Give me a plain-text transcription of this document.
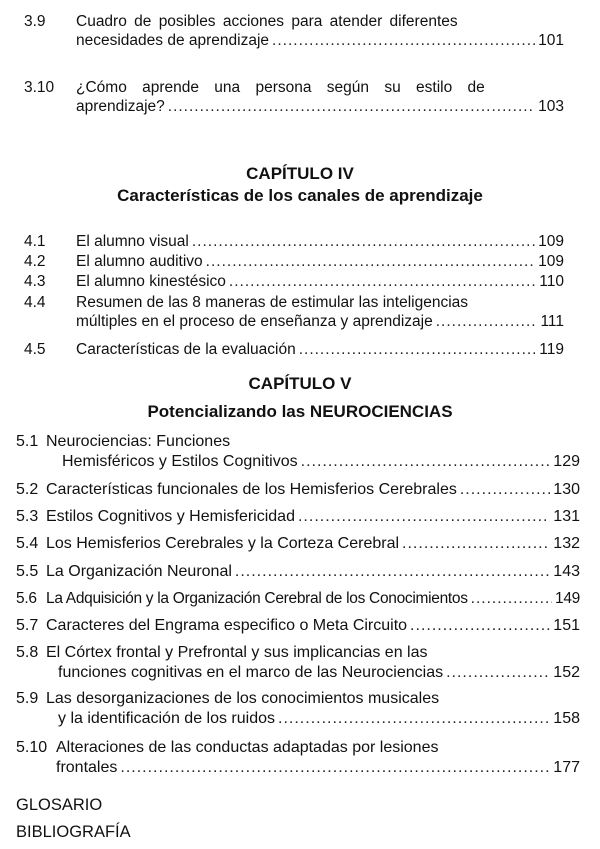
3.9 Cuadro de posibles acciones para atender diferentes
necesidades de aprendizaje .....	101
3.10 ¿Cómo aprende una persona según su estilo de
aprendizaje? .....	103
CAPÍTULO IV
Características de los canales de aprendizaje
4.1 El alumno visual .....	109
4.2 El alumno auditivo .....	109
4.3 El alumno kinestésico .....	110
4.4 Resumen de las 8 maneras de estimular las inteligencias
múltiples en el proceso de enseñanza y aprendizaje .....	111
4.5 Características de la evaluación .....	119
CAPÍTULO V
Potencializando las NEUROCIENCIAS
5.1 Neurociencias: Funciones
Hemisféricos y Estilos Cognitivos .....	129
5.2 Características funcionales de los Hemisferios Cerebrales .....	130
5.3 Estilos Cognitivos y Hemisfericidad .....	131
5.4 Los Hemisferios Cerebrales y la Corteza Cerebral .....	132
5.5 La Organización Neuronal .....	143
5.6 La Adquisición y la Organización Cerebral de los Conocimientos .....	149
5.7 Caracteres del Engrama especifico o Meta Circuito .....	151
5.8 El Córtex frontal y Prefrontal y sus implicancias en las
funciones cognitivas en el marco de las Neurociencias .....	152
5.9 Las desorganizaciones de los conocimientos musicales
y la identificación de los ruidos .....	158
5.10 Alteraciones de las conductas adaptadas por lesiones
frontales .....	177
GLOSARIO
BIBLIOGRAFÍA
